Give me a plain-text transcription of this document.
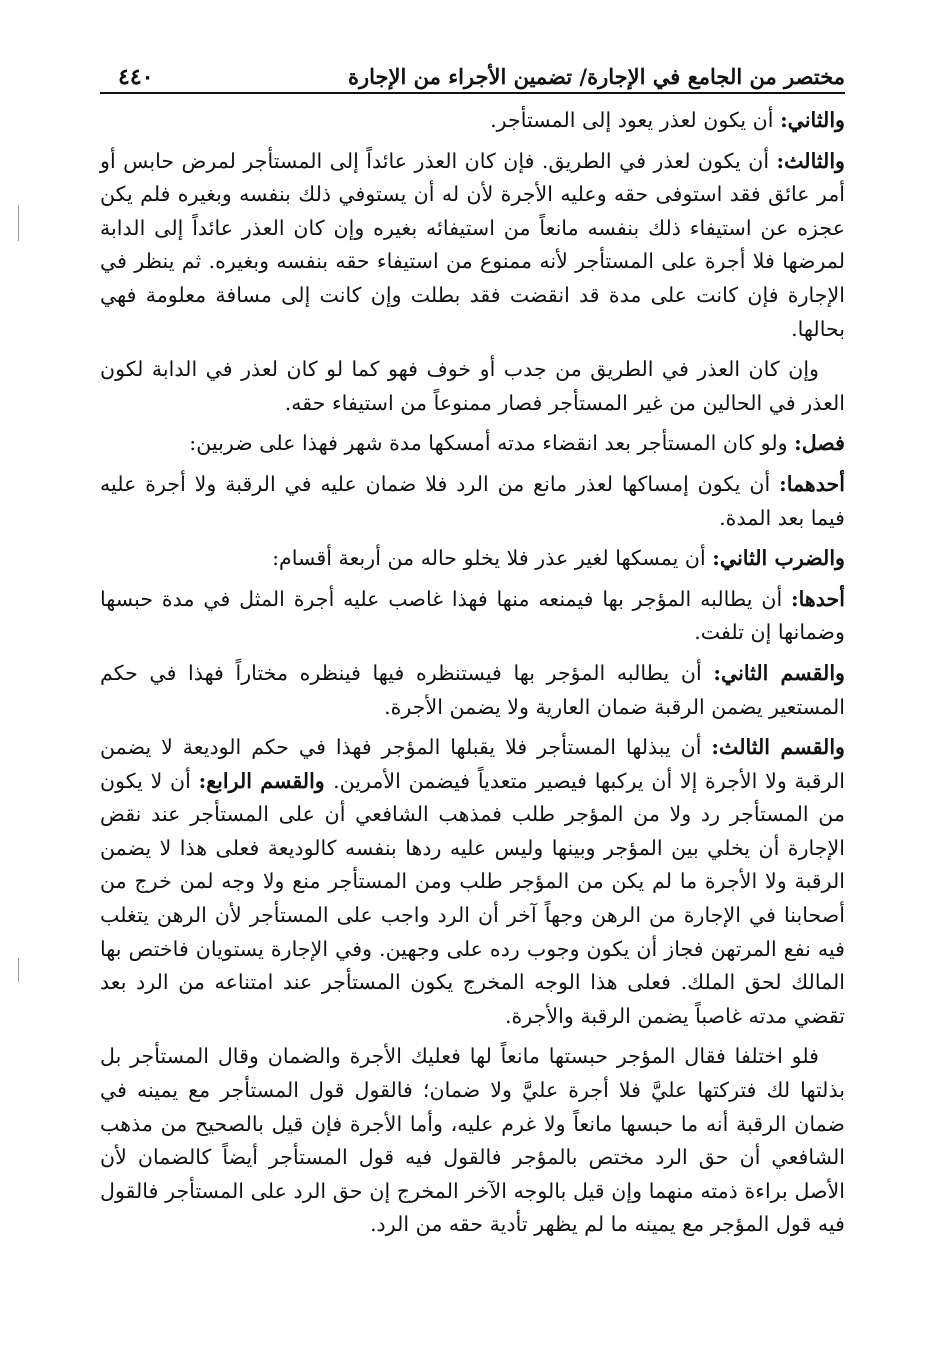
مختصر من الجامع في الإجارة/ تضمين الأجراء من الإجارة
٤٤٠

والثاني: أن يكون لعذر يعود إلى المستأجر.

والثالث: أن يكون لعذر في الطريق. فإن كان العذر عائداً إلى المستأجر لمرض حابس أو أمر عائق فقد استوفى حقه وعليه الأجرة لأن له أن يستوفي ذلك بنفسه وبغيره فلم يكن عجزه عن استيفاء ذلك بنفسه مانعاً من استيفائه بغيره وإن كان العذر عائداً إلى الدابة لمرضها فلا أجرة على المستأجر لأنه ممنوع من استيفاء حقه بنفسه وبغيره. ثم ينظر في الإجارة فإن كانت على مدة قد انقضت فقد بطلت وإن كانت إلى مسافة معلومة فهي بحالها.

وإن كان العذر في الطريق من جدب أو خوف فهو كما لو كان لعذر في الدابة لكون العذر في الحالين من غير المستأجر فصار ممنوعاً من استيفاء حقه.

فصل: ولو كان المستأجر بعد انقضاء مدته أمسكها مدة شهر فهذا على ضربين:

أحدهما: أن يكون إمساكها لعذر مانع من الرد فلا ضمان عليه في الرقبة ولا أجرة عليه فيما بعد المدة.

والضرب الثاني: أن يمسكها لغير عذر فلا يخلو حاله من أربعة أقسام:

أحدها: أن يطالبه المؤجر بها فيمنعه منها فهذا غاصب عليه أجرة المثل في مدة حبسها وضمانها إن تلفت.

والقسم الثاني: أن يطالبه المؤجر بها فيستنظره فيها فينظره مختاراً فهذا في حكم المستعير يضمن الرقبة ضمان العارية ولا يضمن الأجرة.

والقسم الثالث: أن يبذلها المستأجر فلا يقبلها المؤجر فهذا في حكم الوديعة لا يضمن الرقبة ولا الأجرة إلا أن يركبها فيصير متعدياً فيضمن الأمرين. والقسم الرابع: أن لا يكون من المستأجر رد ولا من المؤجر طلب فمذهب الشافعي أن على المستأجر عند نقض الإجارة أن يخلي بين المؤجر وبينها وليس عليه ردها بنفسه كالوديعة فعلى هذا لا يضمن الرقبة ولا الأجرة ما لم يكن من المؤجر طلب ومن المستأجر منع ولا وجه لمن خرج من أصحابنا في الإجارة من الرهن وجهاً آخر أن الرد واجب على المستأجر لأن الرهن يتغلب فيه نفع المرتهن فجاز أن يكون وجوب رده على وجهين. وفي الإجارة يستويان فاختص بها المالك لحق الملك. فعلى هذا الوجه المخرج يكون المستأجر عند امتناعه من الرد بعد تقضي مدته غاصباً يضمن الرقبة والأجرة.

فلو اختلفا فقال المؤجر حبستها مانعاً لها فعليك الأجرة والضمان وقال المستأجر بل بذلتها لك فتركتها عليَّ فلا أجرة عليَّ ولا ضمان؛ فالقول قول المستأجر مع يمينه في ضمان الرقبة أنه ما حبسها مانعاً ولا غرم عليه، وأما الأجرة فإن قيل بالصحيح من مذهب الشافعي أن حق الرد مختص بالمؤجر فالقول فيه قول المستأجر أيضاً كالضمان لأن الأصل براءة ذمته منهما وإن قيل بالوجه الآخر المخرج إن حق الرد على المستأجر فالقول فيه قول المؤجر مع يمينه ما لم يظهر تأدية حقه من الرد.
